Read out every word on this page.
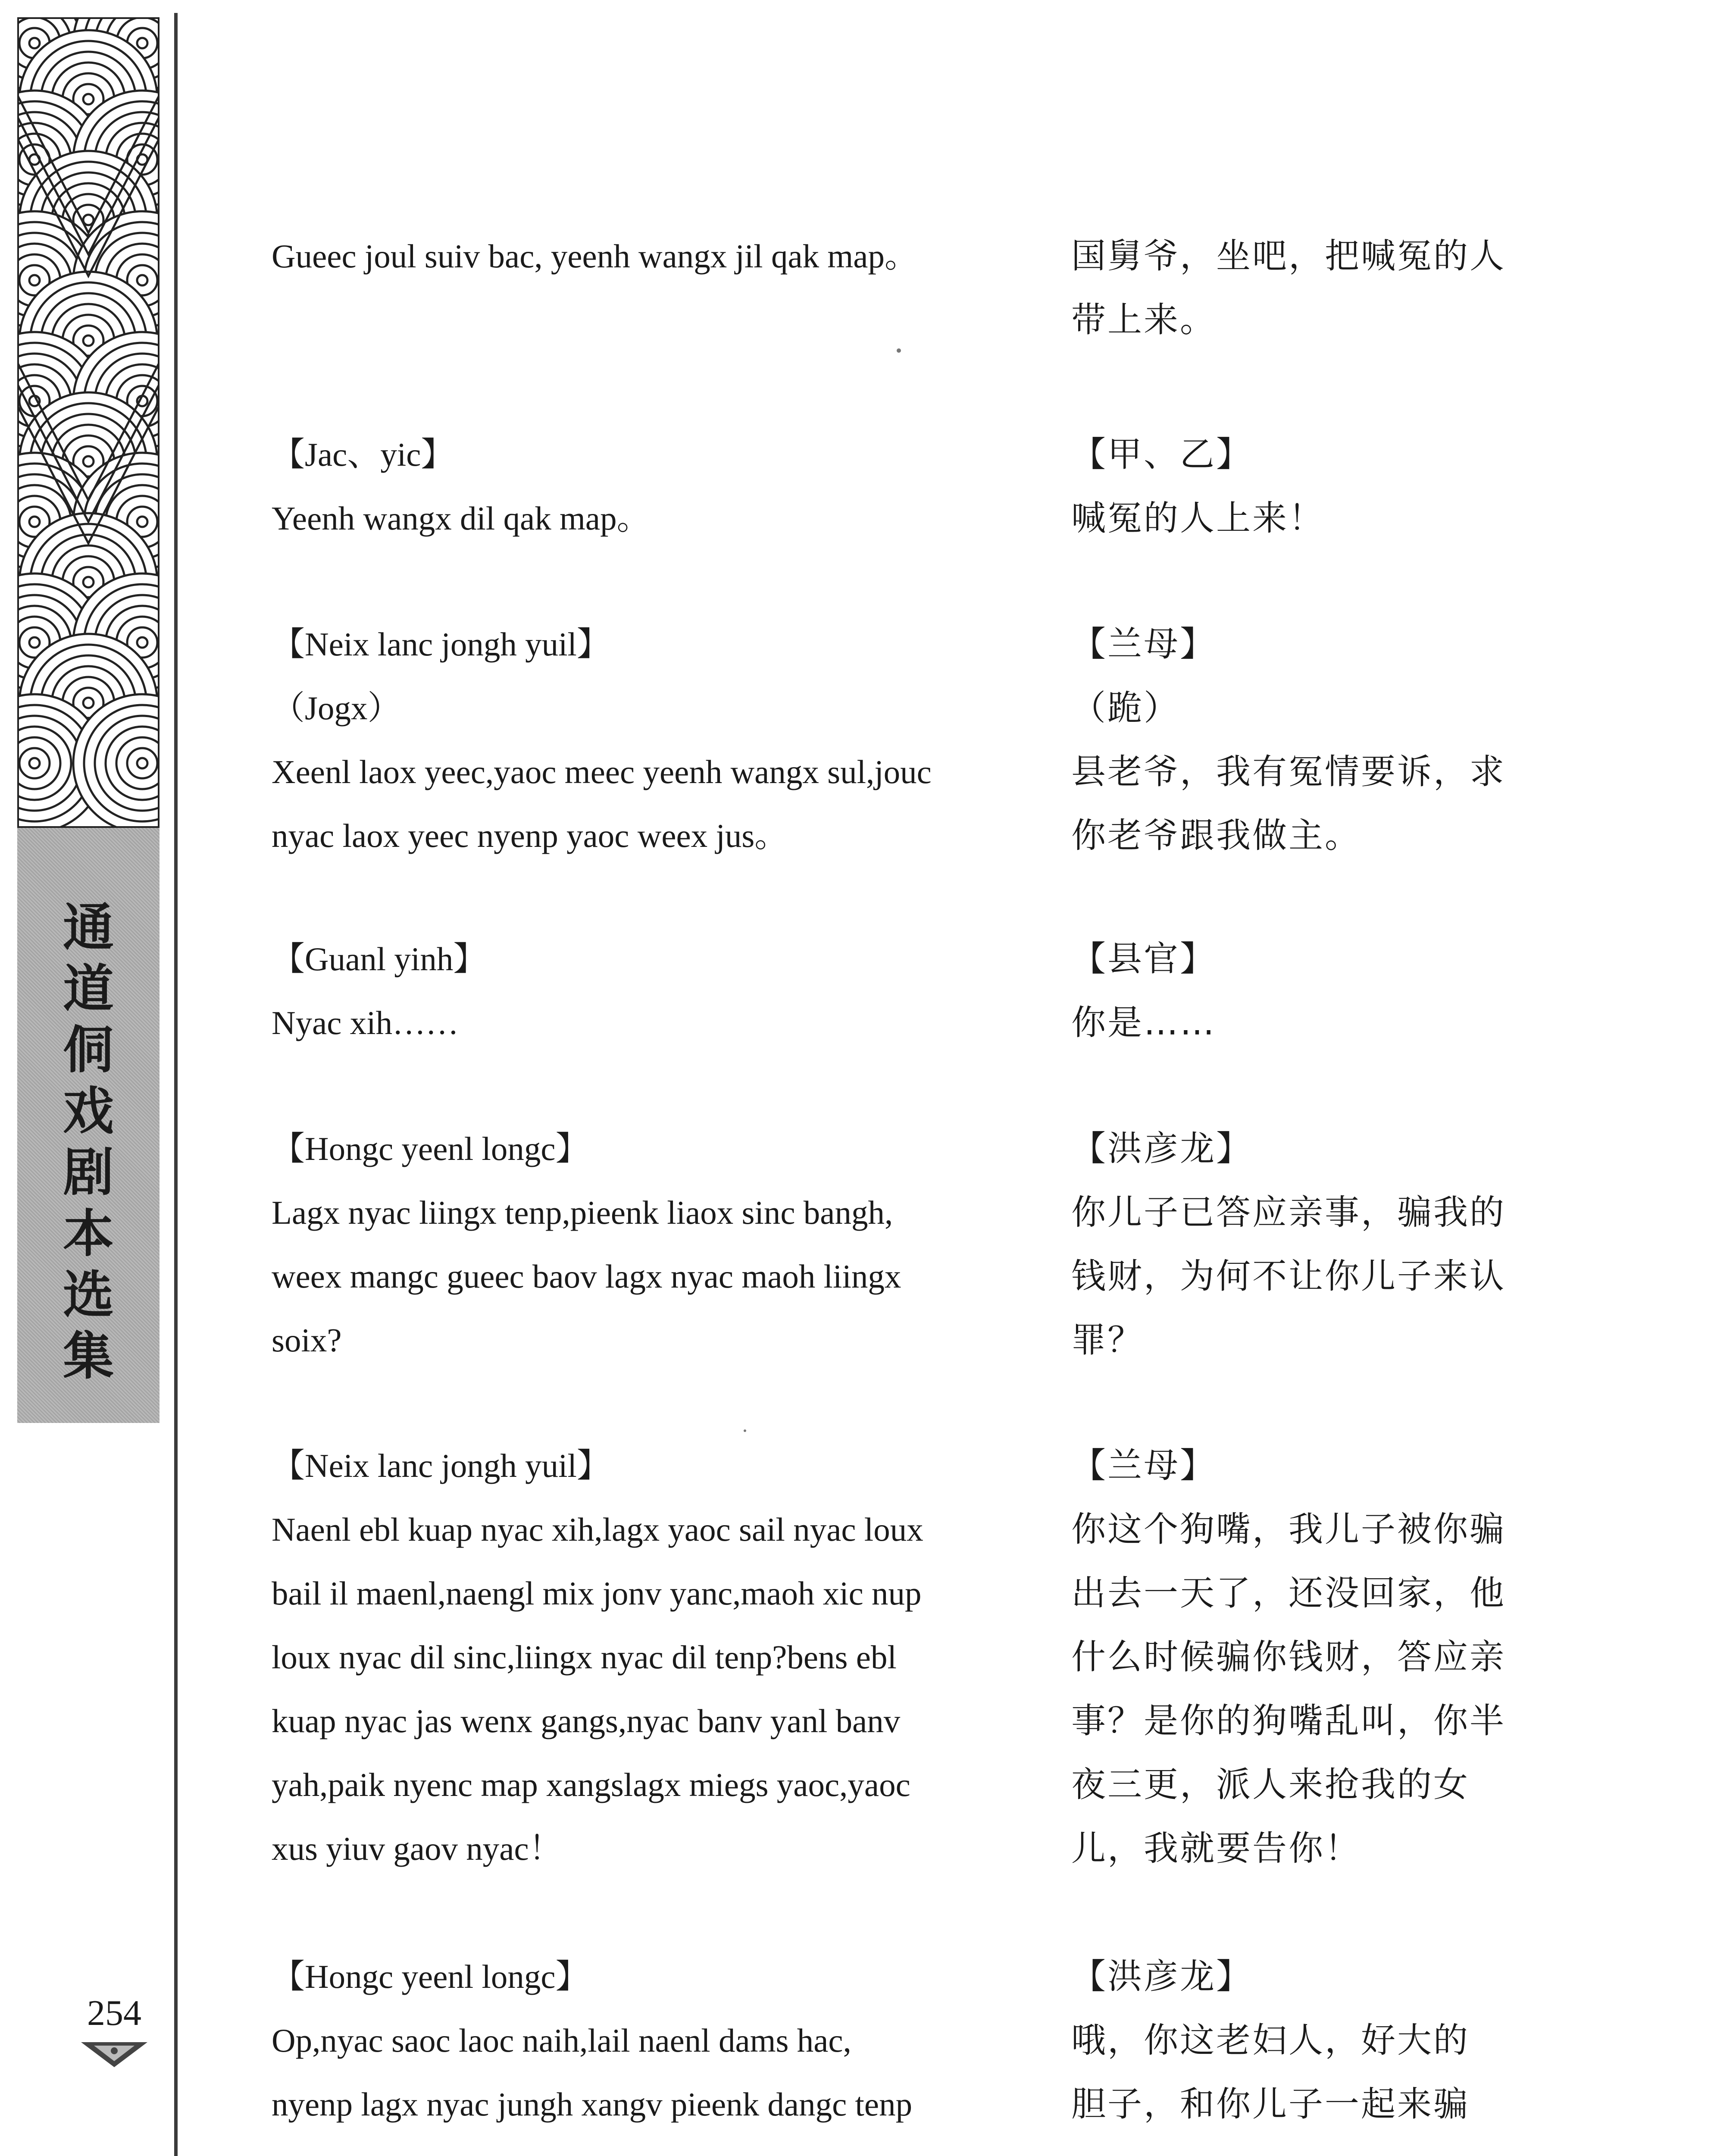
通
道
侗
戏
剧
本
选
集
254
Gueec joul suiv bac, yeenh wangx jil qak map。	国舅爷，坐吧，把喊冤的人
带上来。
【Jac、yic】
Yeenh wangx dil qak map。
【甲、乙】
喊冤的人上来！
【Neix lanc jongh yuil】
（Jogx）
Xeenl laox yeec,yaoc meec yeenh wangx sul,jouc
nyac laox yeec nyenp yaoc weex jus。
【兰母】
（跪）
县老爷，我有冤情要诉，求
你老爷跟我做主。
【Guanl yinh】
Nyac xih……
【县官】
你是……
【Hongc yeenl longc】
Lagx nyac liingx tenp,pieenk liaox sinc bangh,
weex mangc gueec baov lagx nyac maoh liingx
soix?
【洪彦龙】
你儿子已答应亲事，骗我的
钱财，为何不让你儿子来认
罪？
【Neix lanc jongh yuil】
Naenl ebl kuap nyac xih,lagx yaoc sail nyac loux
bail il maenl,naengl mix jonv yanc,maoh xic nup
loux nyac dil sinc,liingx nyac dil tenp?bens ebl
kuap nyac jas wenx gangs,nyac banv yanl banv
yah,paik nyenc map xangslagx miegs yaoc,yaoc
xus yiuv gaov nyac！
【兰母】
你这个狗嘴，我儿子被你骗
出去一天了，还没回家，他
什么时候骗你钱财，答应亲
事？是你的狗嘴乱叫，你半
夜三更，派人来抢我的女
儿，我就要告你！
【Hongc yeenl longc】
Op,nyac saoc laoc naih,lail naenl dams hac,
nyenp lagx nyac jungh xangv pieenk dangc tenp
【洪彦龙】
哦，你这老妇人，好大的
胆子，和你儿子一起来骗
